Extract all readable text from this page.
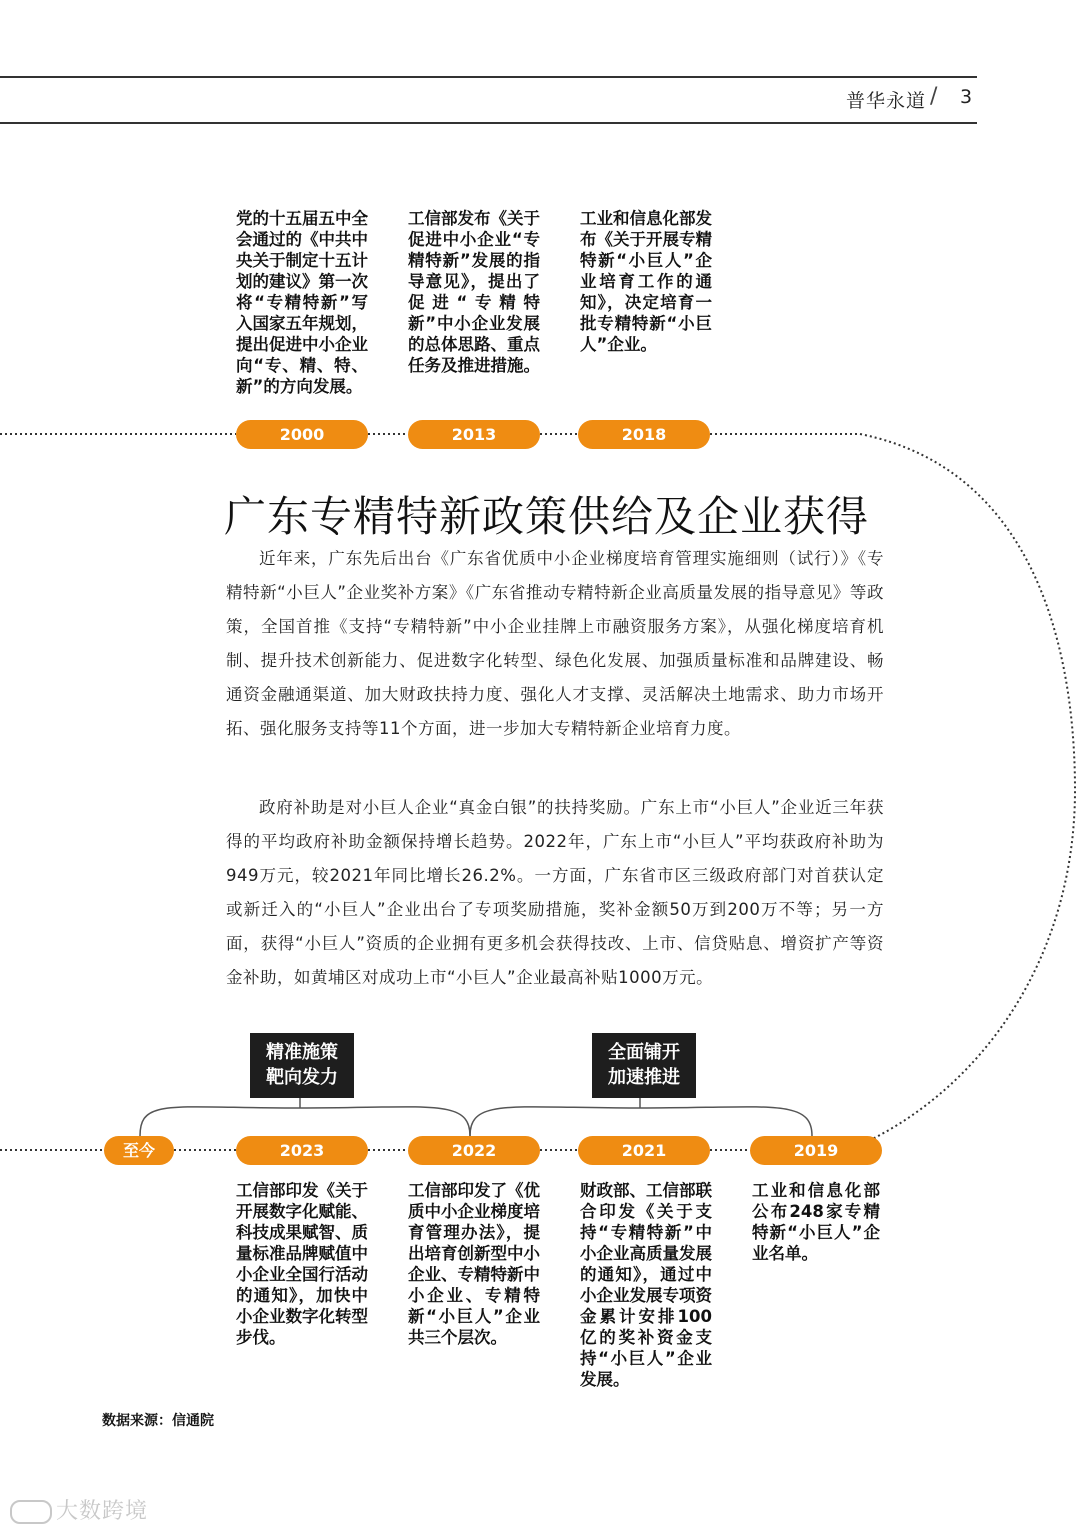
普华永道 / 3
党的十五届五中全会通过的《中共中央关于制定十五计划的建议》第一次将“专精特新”写入国家五年规划，提出促进中小企业向“专、精、特、新”的方向发展。
工信部发布《关于促进中小企业“专精特新”发展的指导意见》，提出了促进“专精特新”中小企业发展的总体思路、重点任务及推进措施。
工业和信息化部发布《关于开展专精特新“小巨人”企业培育工作的通知》，决定培育一批专精特新“小巨人”企业。
2000	2013	2018
广东专精特新政策供给及企业获得
近年来，广东先后出台《广东省优质中小企业梯度培育管理实施细则（试行）》《专精特新“小巨人”企业奖补方案》《广东省推动专精特新企业高质量发展的指导意见》等政策，全国首推《支持“专精特新”中小企业挂牌上市融资服务方案》，从强化梯度培育机制、提升技术创新能力、促进数字化转型、绿色化发展、加强质量标准和品牌建设、畅通资金融通渠道、加大财政扶持力度、强化人才支撑、灵活解决土地需求、助力市场开拓、强化服务支持等11个方面，进一步加大专精特新企业培育力度。
政府补助是对小巨人企业“真金白银”的扶持奖励。广东上市“小巨人”企业近三年获得的平均政府补助金额保持增长趋势。2022年，广东上市“小巨人”平均获政府补助为949万元，较2021年同比增长26.2%。一方面，广东省市区三级政府部门对首获认定或新迁入的“小巨人”企业出台了专项奖励措施，奖补金额50万到200万不等；另一方面，获得“小巨人”资质的企业拥有更多机会获得技改、上市、信贷贴息、增资扩产等资金补助，如黄埔区对成功上市“小巨人”企业最高补贴1000万元。
精准施策
靶向发力
全面铺开
加速推进
至今	2023	2022	2021	2019
工信部印发《关于开展数字化赋能、科技成果赋智、质量标准品牌赋值中小企业全国行活动的通知》，加快中小企业数字化转型步伐。
工信部印发了《优质中小企业梯度培育管理办法》，提出培育创新型中小企业、专精特新中小企业、专精特新“小巨人”企业共三个层次。
财政部、工信部联合印发《关于支持“专精特新”中小企业高质量发展的通知》，通过中小企业发展专项资金累计安排100亿的奖补资金支持“小巨人”企业发展。
工业和信息化部公布248家专精特新“小巨人”企业名单。
数据来源：信通院
大数跨境
